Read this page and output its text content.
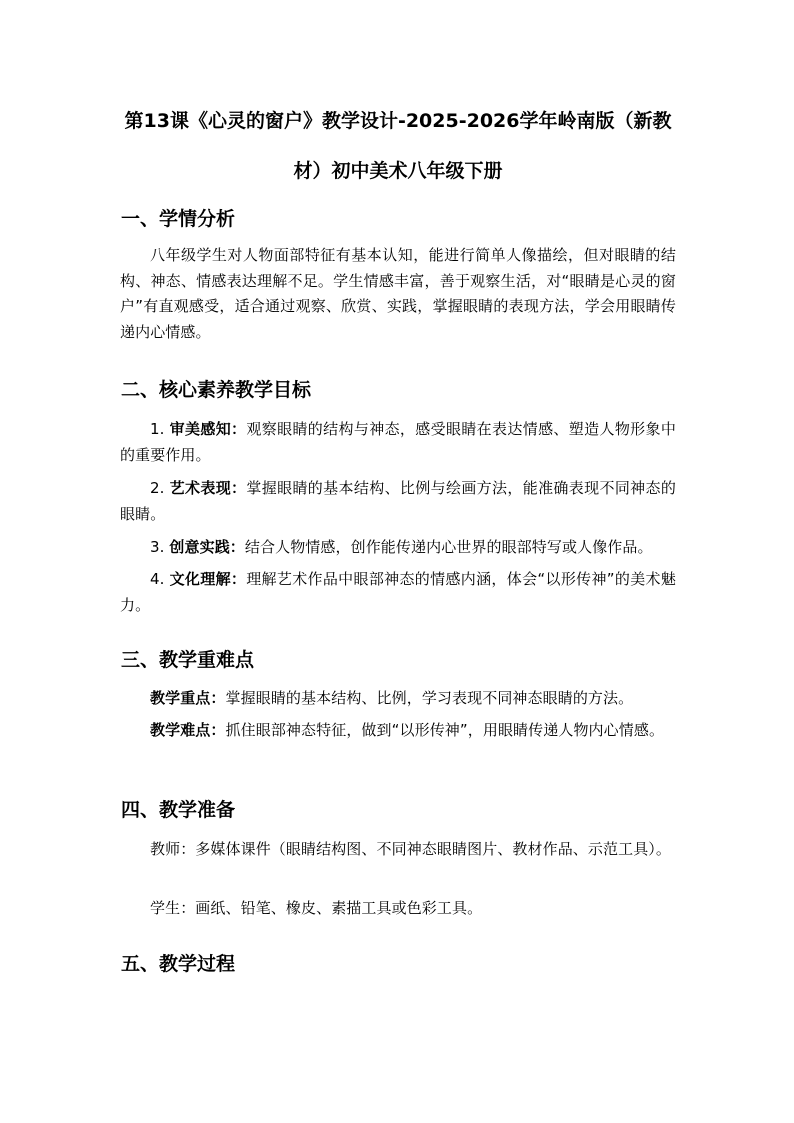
第13课《心灵的窗户》教学设计-2025-2026学年岭南版（新教材）初中美术八年级下册
一、学情分析
八年级学生对人物面部特征有基本认知，能进行简单人像描绘，但对眼睛的结构、神态、情感表达理解不足。学生情感丰富，善于观察生活，对“眼睛是心灵的窗户”有直观感受，适合通过观察、欣赏、实践，掌握眼睛的表现方法，学会用眼睛传递内心情感。
二、核心素养教学目标
1. 审美感知：观察眼睛的结构与神态，感受眼睛在表达情感、塑造人物形象中的重要作用。
2. 艺术表现：掌握眼睛的基本结构、比例与绘画方法，能准确表现不同神态的眼睛。
3. 创意实践：结合人物情感，创作能传递内心世界的眼部特写或人像作品。
4. 文化理解：理解艺术作品中眼部神态的情感内涵，体会“以形传神”的美术魅力。
三、教学重难点
教学重点：掌握眼睛的基本结构、比例，学习表现不同神态眼睛的方法。
教学难点：抓住眼部神态特征，做到“以形传神”，用眼睛传递人物内心情感。
四、教学准备
教师：多媒体课件（眼睛结构图、不同神态眼睛图片、教材作品、示范工具）。
学生：画纸、铅笔、橡皮、素描工具或色彩工具。
五、教学过程
